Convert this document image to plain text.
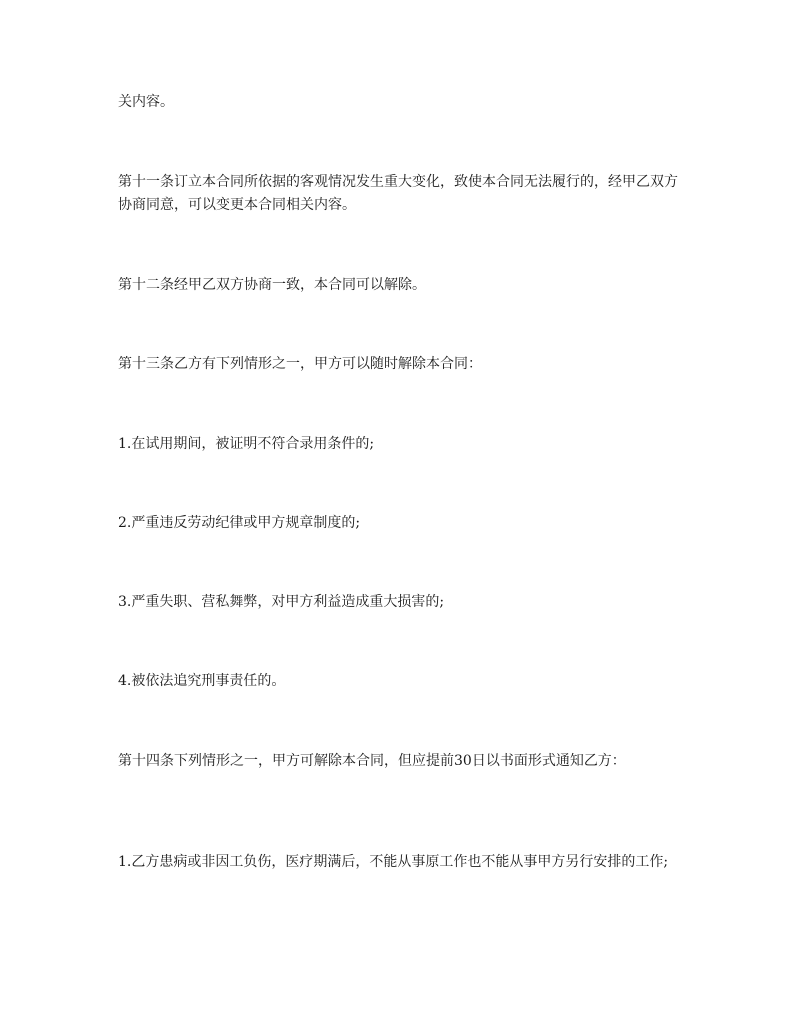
关内容。

第十一条订立本合同所依据的客观情况发生重大变化，致使本合同无法履行的，经甲乙双方协商同意，可以变更本合同相关内容。

第十二条经甲乙双方协商一致，本合同可以解除。

第十三条乙方有下列情形之一，甲方可以随时解除本合同：

1.在试用期间，被证明不符合录用条件的;

2.严重违反劳动纪律或甲方规章制度的;

3.严重失职、营私舞弊，对甲方利益造成重大损害的;

4.被依法追究刑事责任的。

第十四条下列情形之一，甲方可解除本合同，但应提前30日以书面形式通知乙方：

1.乙方患病或非因工负伤，医疗期满后，不能从事原工作也不能从事甲方另行安排的工作;
